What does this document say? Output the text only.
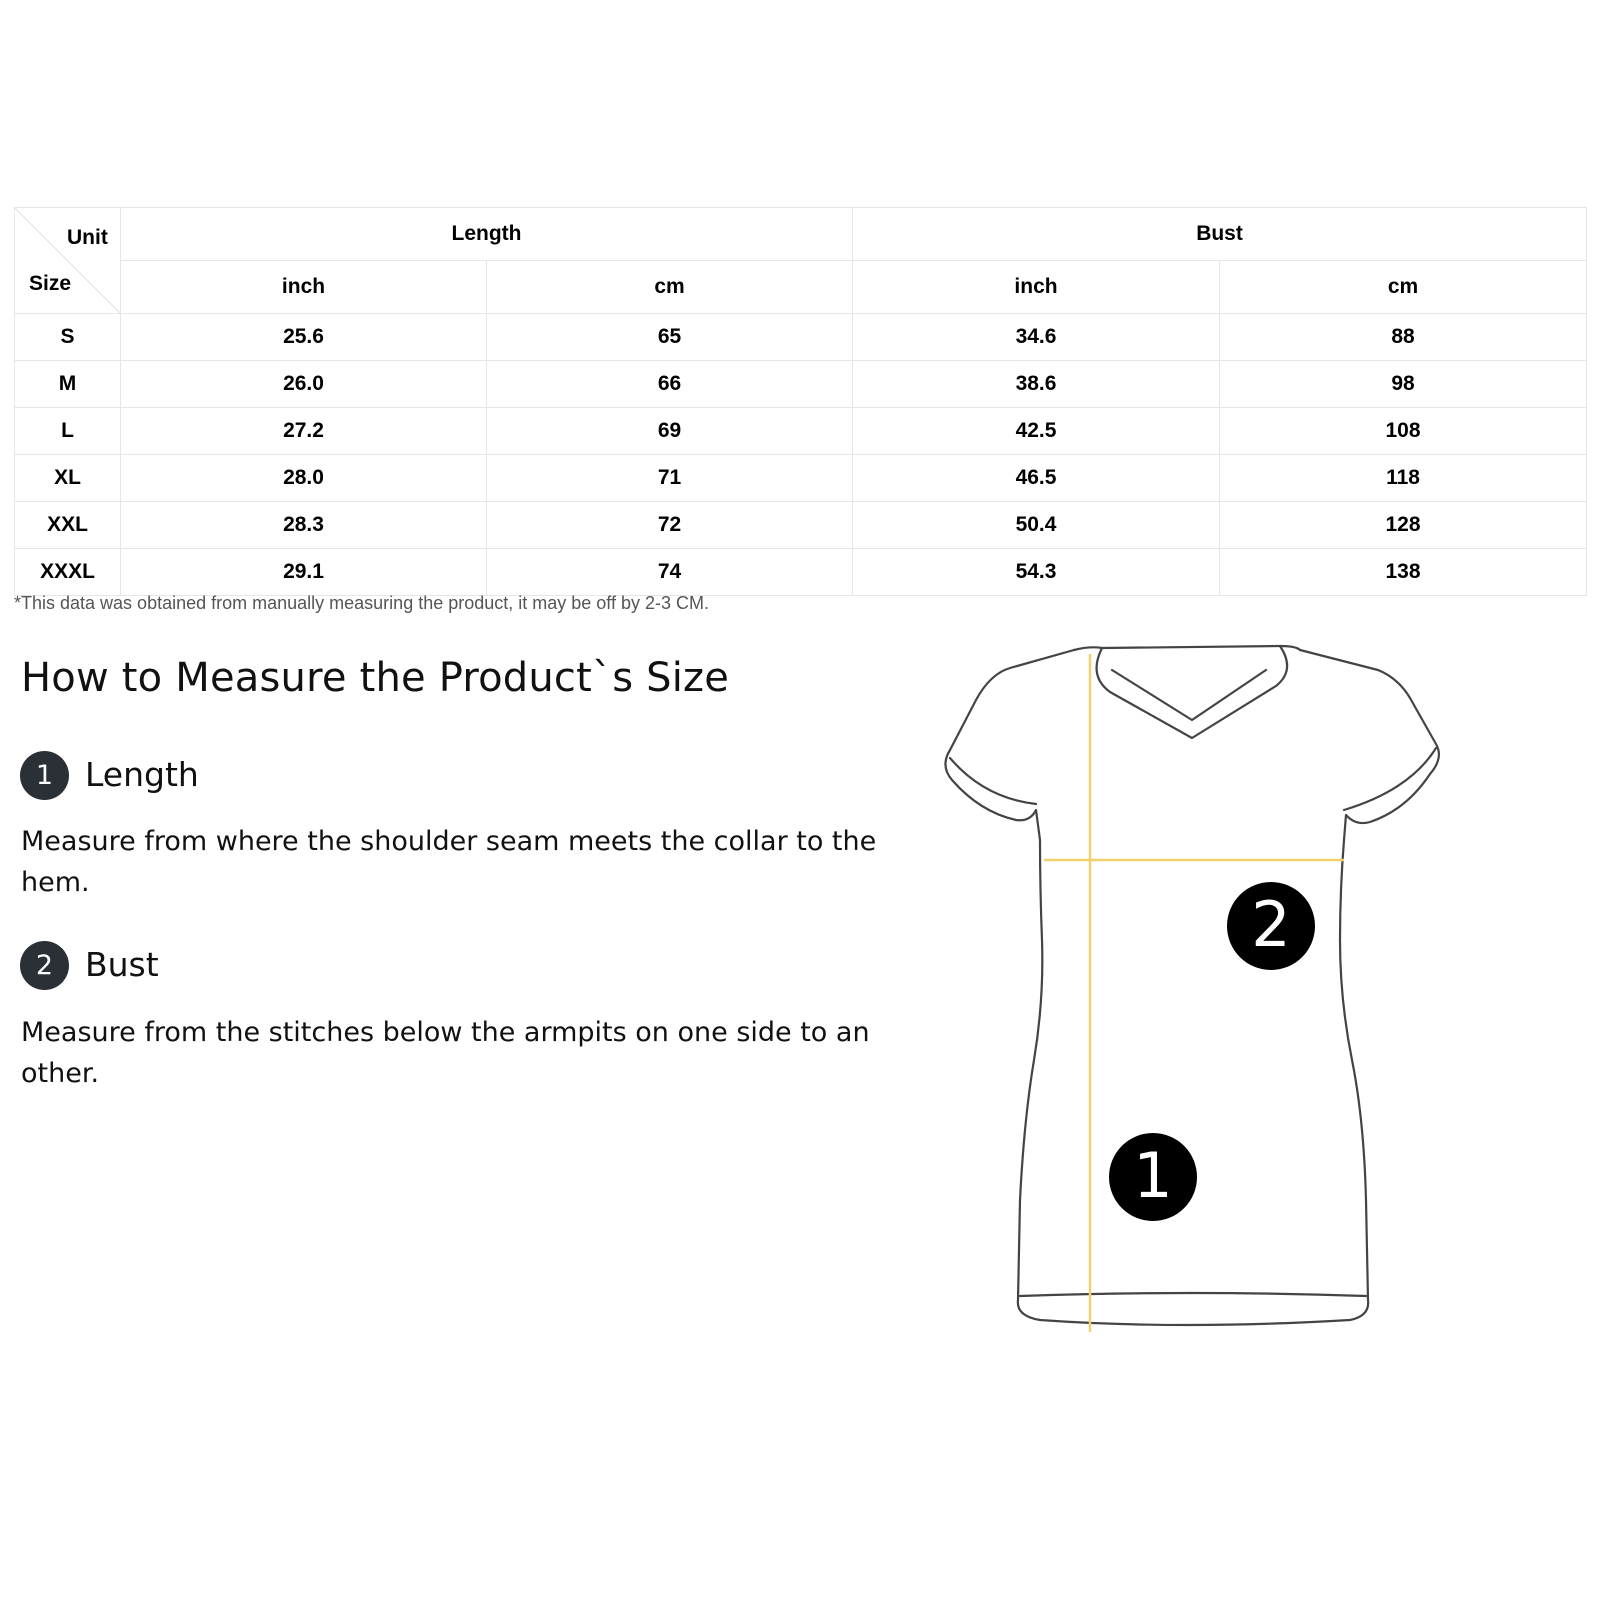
Unit
Size	Length		Bust	
	inch	cm	inch	cm
S	25.6	65	34.6	88
M	26.0	66	38.6	98
L	27.2	69	42.5	108
XL	28.0	71	46.5	118
XXL	28.3	72	50.4	128
XXXL	29.1	74	54.3	138
*This data was obtained from manually measuring the product, it may be off by 2-3 CM.
How to Measure the Product`s Size
1 Length
Measure from where the shoulder seam meets the collar to the hem.
2 Bust
Measure from the stitches below the armpits on one side to an other.
2
1
